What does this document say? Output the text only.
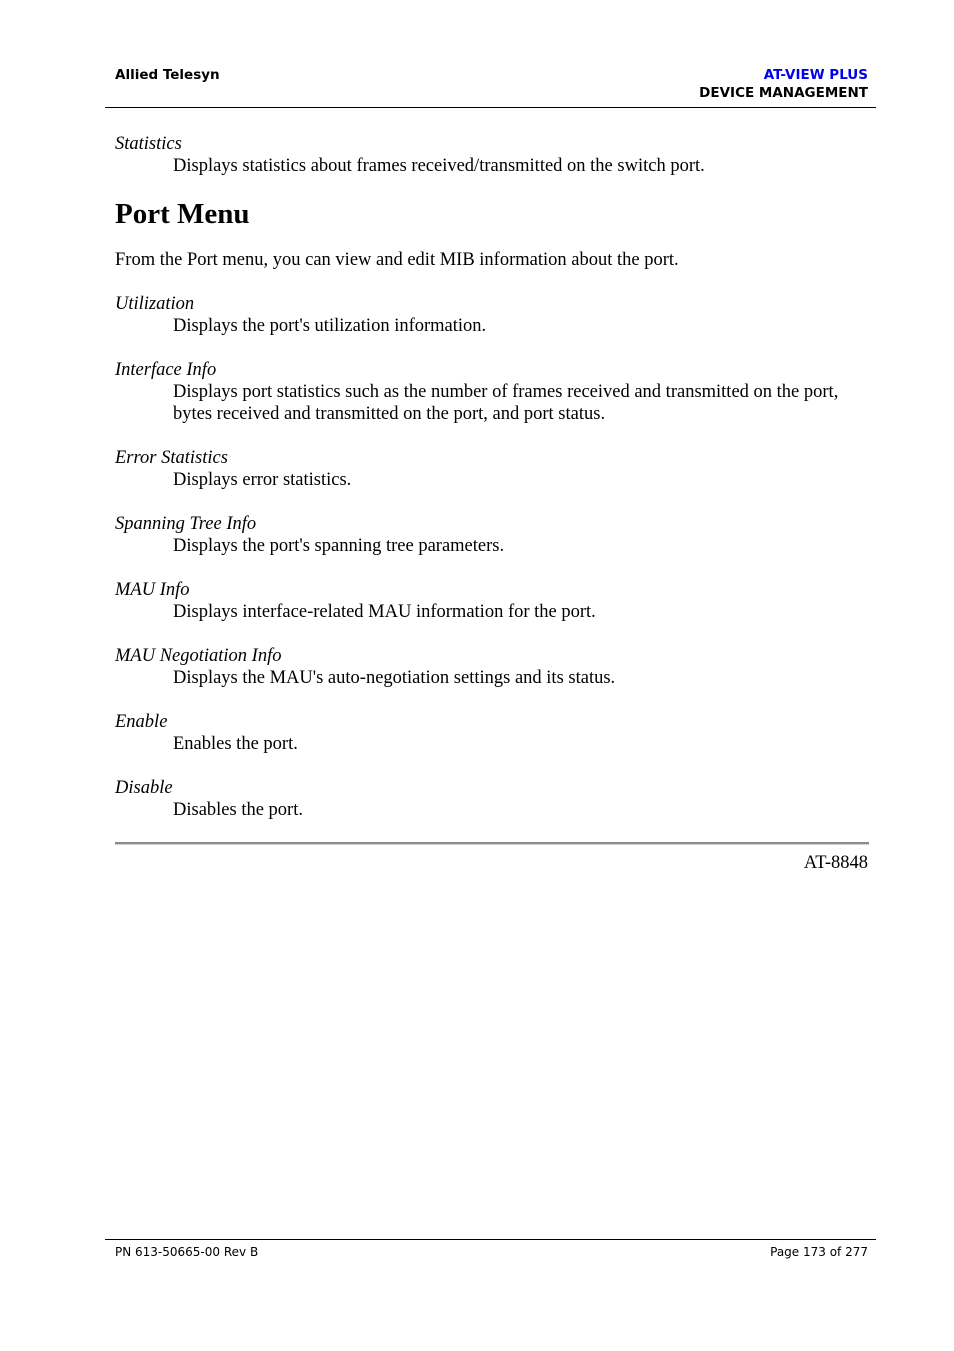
Allied Telesyn	AT-VIEW PLUS
DEVICE MANAGEMENT

Statistics

Displays statistics about frames received/transmitted on the switch port.

Port Menu

From the Port menu, you can view and edit MIB information about the port.

Utilization

Displays the port's utilization information.

Interface Info

Displays port statistics such as the number of frames received and transmitted on the port, bytes received and transmitted on the port, and port status.

Error Statistics

Displays error statistics.

Spanning Tree Info

Displays the port's spanning tree parameters.

MAU Info

Displays interface-related MAU information for the port.

MAU Negotiation Info

Displays the MAU's auto-negotiation settings and its status.

Enable

Enables the port.

Disable

Disables the port.

AT-8848
PN 613-50665-00 Rev B	Page 173 of 277
